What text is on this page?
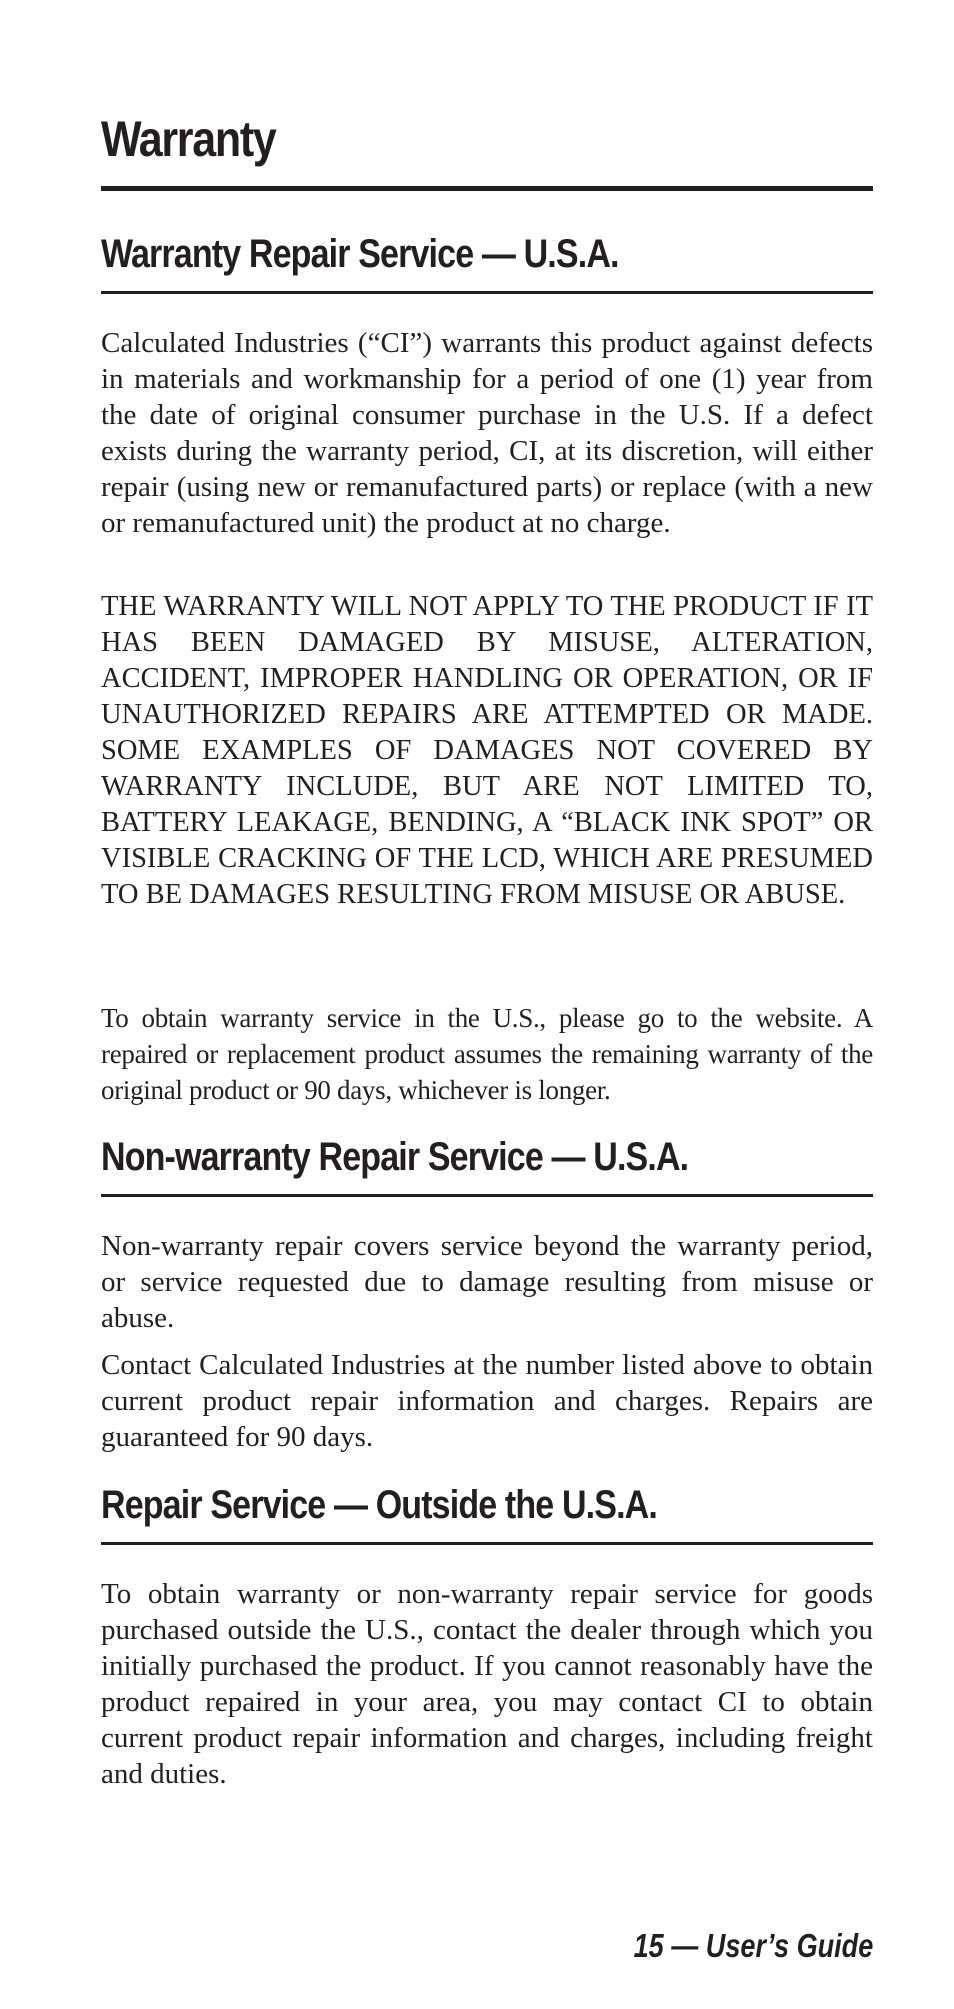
Warranty
Warranty Repair Service — U.S.A.

Calculated Industries (“CI”) warrants this product against defects in materials and workmanship for a period of one (1) year from the date of original consumer purchase in the U.S. If a defect exists during the warranty period, CI, at its discretion, will either repair (using new or remanufactured parts) or replace (with a new or remanufactured unit) the product at no charge.

THE WARRANTY WILL NOT APPLY TO THE PRODUCT IF IT HAS BEEN DAMAGED BY MISUSE, ALTERATION, ACCIDENT, IMPROPER HANDLING OR OPERATION, OR IF UNAUTHORIZED REPAIRS ARE ATTEMPTED OR MADE. SOME EXAMPLES OF DAMAGES NOT COVERED BY WARRANTY INCLUDE, BUT ARE NOT LIMITED TO, BATTERY LEAKAGE, BENDING, A “BLACK INK SPOT” OR VISIBLE CRACKING OF THE LCD, WHICH ARE PRESUMED TO BE DAMAGES RESULTING FROM MISUSE OR ABUSE.

To obtain warranty service in the U.S., please go to the website. A repaired or replacement product assumes the remaining warranty of the original product or 90 days, whichever is longer.

Non-warranty Repair Service — U.S.A.

Non-warranty repair covers service beyond the warranty period, or service requested due to damage resulting from misuse or abuse.

Contact Calculated Industries at the number listed above to obtain current product repair information and charges. Repairs are guaranteed for 90 days.

Repair Service — Outside the U.S.A.

To obtain warranty or non-warranty repair service for goods purchased outside the U.S., contact the dealer through which you initially purchased the product. If you cannot reasonably have the product repaired in your area, you may contact CI to obtain current product repair information and charges, including freight and duties.

15 — User’s Guide
